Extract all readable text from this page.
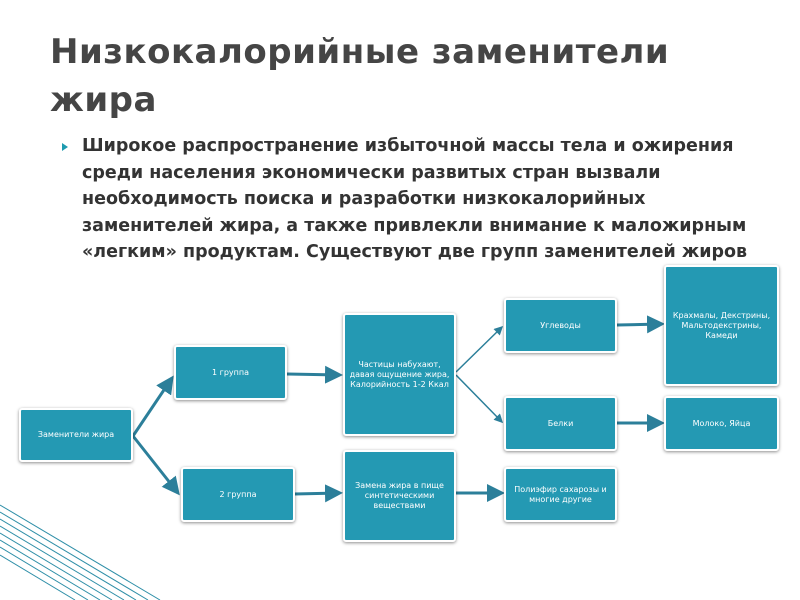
Низкокалорийные заменители жира
Широкое распространение избыточной массы тела и ожирения среди населения экономически развитых стран вызвали необходимость поиска и разработки низкокалорийных заменителей жира, а также привлекли внимание к маложирным «легким» продуктам. Существуют две групп заменителей жиров
Заменители жира
1 группа
2 группа
Частицы набухают, давая ощущение жира, Калорийность 1-2 Ккал
Замена жира в пище синтетическими веществами
Углеводы
Белки
Полиэфир сахарозы и многие другие
Крахмалы, Декстрины, Мальтодекстрины, Камеди
Молоко, Яйца
